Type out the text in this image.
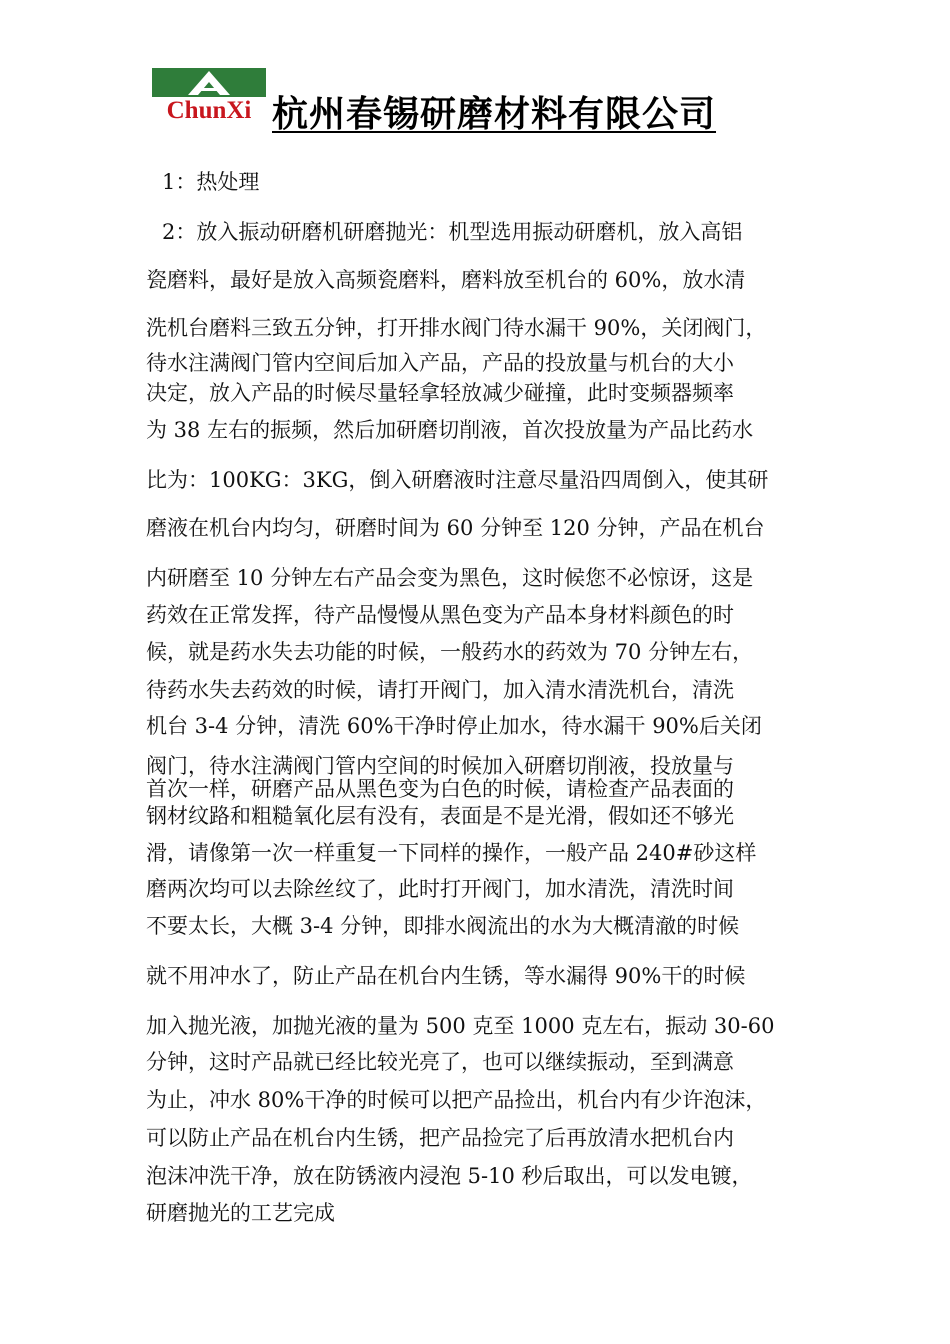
ChunXi 杭州春锡研磨材料有限公司
1：热处理
2：放入振动研磨机研磨抛光：机型选用振动研磨机，放入高铝
瓷磨料，最好是放入高频瓷磨料，磨料放至机台的 60%，放水清
洗机台磨料三致五分钟，打开排水阀门待水漏干 90%，关闭阀门，
待水注满阀门管内空间后加入产品，产品的投放量与机台的大小
决定，放入产品的时候尽量轻拿轻放减少碰撞，此时变频器频率
为 38 左右的振频，然后加研磨切削液，首次投放量为产品比药水
比为：100KG：3KG，倒入研磨液时注意尽量沿四周倒入，使其研
磨液在机台内均匀，研磨时间为 60 分钟至 120 分钟，产品在机台
内研磨至 10 分钟左右产品会变为黑色，这时候您不必惊讶，这是
药效在正常发挥，待产品慢慢从黑色变为产品本身材料颜色的时
候，就是药水失去功能的时候，一般药水的药效为 70 分钟左右，
待药水失去药效的时候，请打开阀门，加入清水清洗机台，清洗
机台 3-4 分钟，清洗 60%干净时停止加水，待水漏干 90%后关闭
阀门，待水注满阀门管内空间的时候加入研磨切削液，投放量与
首次一样，研磨产品从黑色变为白色的时候，请检查产品表面的
钢材纹路和粗糙氧化层有没有，表面是不是光滑，假如还不够光
滑，请像第一次一样重复一下同样的操作，一般产品 240#砂这样
磨两次均可以去除丝纹了，此时打开阀门，加水清洗，清洗时间
不要太长，大概 3-4 分钟，即排水阀流出的水为大概清澈的时候
就不用冲水了，防止产品在机台内生锈，等水漏得 90%干的时候
加入抛光液，加抛光液的量为 500 克至 1000 克左右，振动 30-60
分钟，这时产品就已经比较光亮了，也可以继续振动，至到满意
为止，冲水 80%干净的时候可以把产品捡出，机台内有少许泡沫，
可以防止产品在机台内生锈，把产品捡完了后再放清水把机台内
泡沫冲洗干净，放在防锈液内浸泡 5-10 秒后取出，可以发电镀，
研磨抛光的工艺完成
